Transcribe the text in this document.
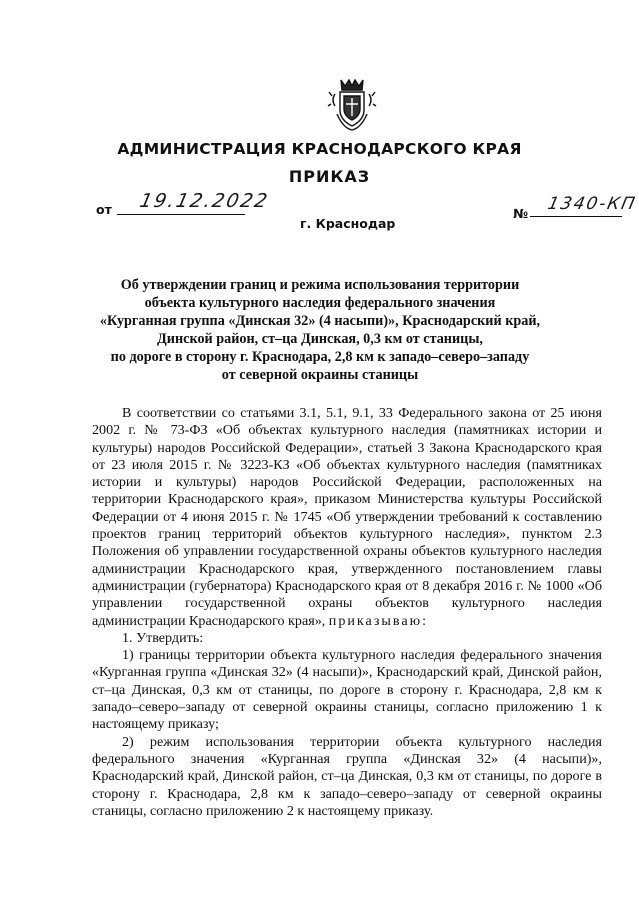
АДМИНИСТРАЦИЯ КРАСНОДАРСКОГО КРАЯ
ПРИКАЗ
от 19.12.2022
г. Краснодар
№ 1340-КП
Об утверждении границ и режима использования территории
объекта культурного наследия федерального значения
«Курганная группа «Динская 32» (4 насыпи)», Краснодарский край,
Динской район, ст–ца Динская, 0,3 км от станицы,
по дороге в сторону г. Краснодара, 2,8 км к западо–северо–западу
от северной окраины станицы

В соответствии со статьями 3.1, 5.1, 9.1, 33 Федерального закона от 25 июня 2002 г. № 73-ФЗ «Об объектах культурного наследия (памятниках истории и культуры) народов Российской Федерации», статьей 3 Закона Краснодарского края от 23 июля 2015 г. № 3223-КЗ «Об объектах культурного наследия (памятниках истории и культуры) народов Российской Федерации, расположенных на территории Краснодарского края», приказом Министерства культуры Российской Федерации от 4 июня 2015 г. № 1745 «Об утверждении требований к составлению проектов границ территорий объектов культурного наследия», пунктом 2.3 Положения об управлении государственной охраны объектов культурного наследия администрации Краснодарского края, утвержденного постановлением главы администрации (губернатора) Краснодарского края от 8 декабря 2016 г. № 1000 «Об управлении государственной охраны объектов культурного наследия администрации Краснодарского края», приказываю:

1. Утвердить:

1) границы территории объекта культурного наследия федерального значения «Курганная группа «Динская 32» (4 насыпи)», Краснодарский край, Динской район, ст–ца Динская, 0,3 км от станицы, по дороге в сторону г. Краснодара, 2,8 км к западо–северо–западу от северной окраины станицы, согласно приложению 1 к настоящему приказу;

2) режим использования территории объекта культурного наследия федерального значения «Курганная группа «Динская 32» (4 насыпи)», Краснодарский край, Динской район, ст–ца Динская, 0,3 км от станицы, по дороге в сторону г. Краснодара, 2,8 км к западо–северо–западу от северной окраины станицы, согласно приложению 2 к настоящему приказу.
